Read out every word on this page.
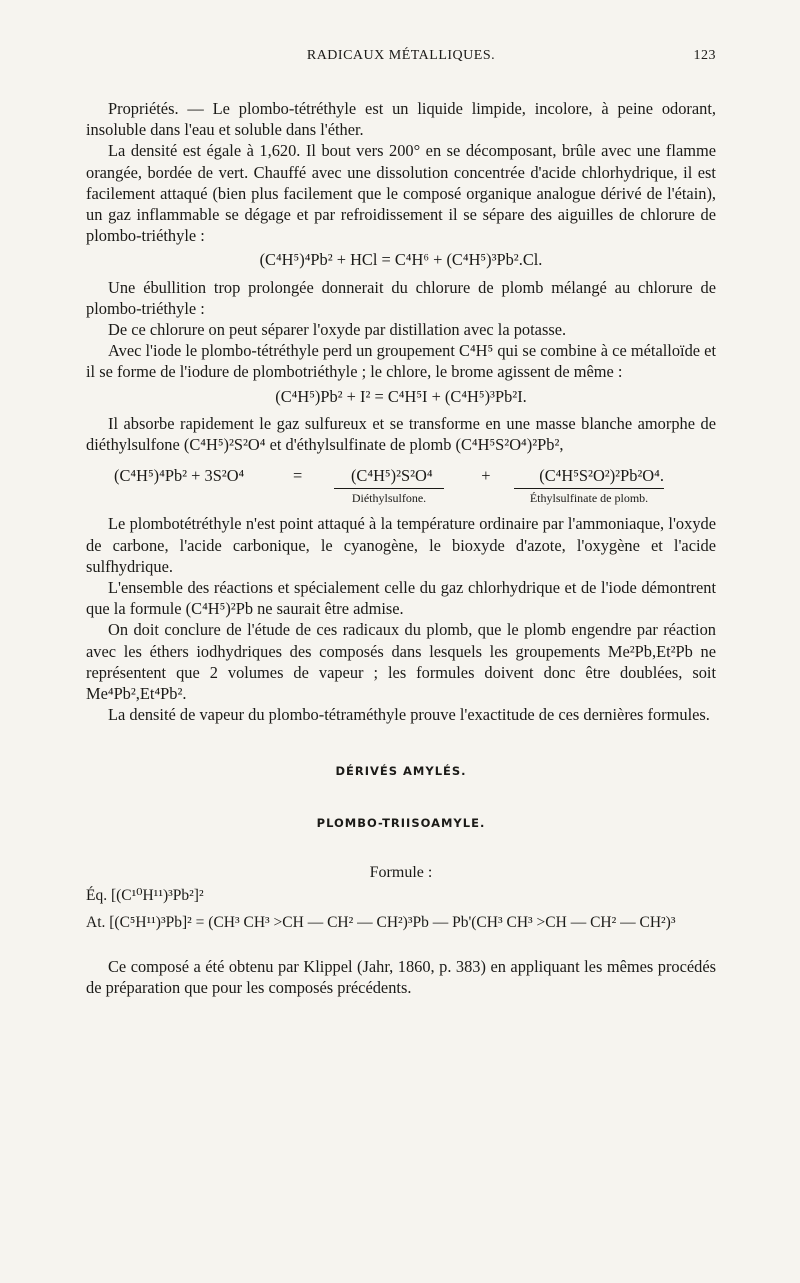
RADICAUX MÉTALLIQUES.	123

Propriétés. — Le plombo-tétréthyle est un liquide limpide, incolore, à peine odorant, insoluble dans l'eau et soluble dans l'éther.

La densité est égale à 1,620. Il bout vers 200° en se décomposant, brûle avec une flamme orangée, bordée de vert. Chauffé avec une dissolution concentrée d'acide chlorhydrique, il est facilement attaqué (bien plus facilement que le composé organique analogue dérivé de l'étain), un gaz inflammable se dégage et par refroidissement il se sépare des aiguilles de chlorure de plombo-triéthyle :

(C⁴H⁵)⁴Pb² + HCl = C⁴H⁶ + (C⁴H⁵)³Pb².Cl.

Une ébullition trop prolongée donnerait du chlorure de plomb mélangé au chlorure de plombo-triéthyle :

De ce chlorure on peut séparer l'oxyde par distillation avec la potasse.

Avec l'iode le plombo-tétréthyle perd un groupement C⁴H⁵ qui se combine à ce métalloïde et il se forme de l'iodure de plombotriéthyle ; le chlore, le brome agissent de même :

(C⁴H⁵)Pb² + I² = C⁴H⁵I + (C⁴H⁵)³Pb²I.

Il absorbe rapidement le gaz sulfureux et se transforme en une masse blanche amorphe de diéthylsulfone (C⁴H⁵)²S²O⁴ et d'éthylsulfinate de plomb (C⁴H⁵S²O⁴)²Pb²,

(C⁴H⁵)⁴Pb² + 3S²O⁴	=	(C⁴H⁵)²S²O⁴	+	(C⁴H⁵S²O²)²Pb²O⁴.
Diéthylsulfone.	Éthylsulfinate de plomb.

Le plombotétréthyle n'est point attaqué à la température ordinaire par l'ammoniaque, l'oxyde de carbone, l'acide carbonique, le cyanogène, le bioxyde d'azote, l'oxygène et l'acide sulfhydrique.

L'ensemble des réactions et spécialement celle du gaz chlorhydrique et de l'iode démontrent que la formule (C⁴H⁵)²Pb ne saurait être admise.

On doit conclure de l'étude de ces radicaux du plomb, que le plomb engendre par réaction avec les éthers iodhydriques des composés dans lesquels les groupements Me²Pb,Et²Pb ne représentent que 2 volumes de vapeur ; les formules doivent donc être doublées, soit Me⁴Pb²,Et⁴Pb².

La densité de vapeur du plombo-tétraméthyle prouve l'exactitude de ces dernières formules.

DÉRIVÉS AMYLÉS.
PLOMBO-TRIISOAMYLE.
Formule :
Éq. [(C¹⁰H¹¹)³Pb²]²
At. [(C⁵H¹¹)³Pb]² = (CH³ CH³ >CH — CH² — CH²)³Pb — Pb'(CH³ CH³ >CH — CH² — CH²)³

Ce composé a été obtenu par Klippel (Jahr, 1860, p. 383) en appliquant les mêmes procédés de préparation que pour les composés précédents.
